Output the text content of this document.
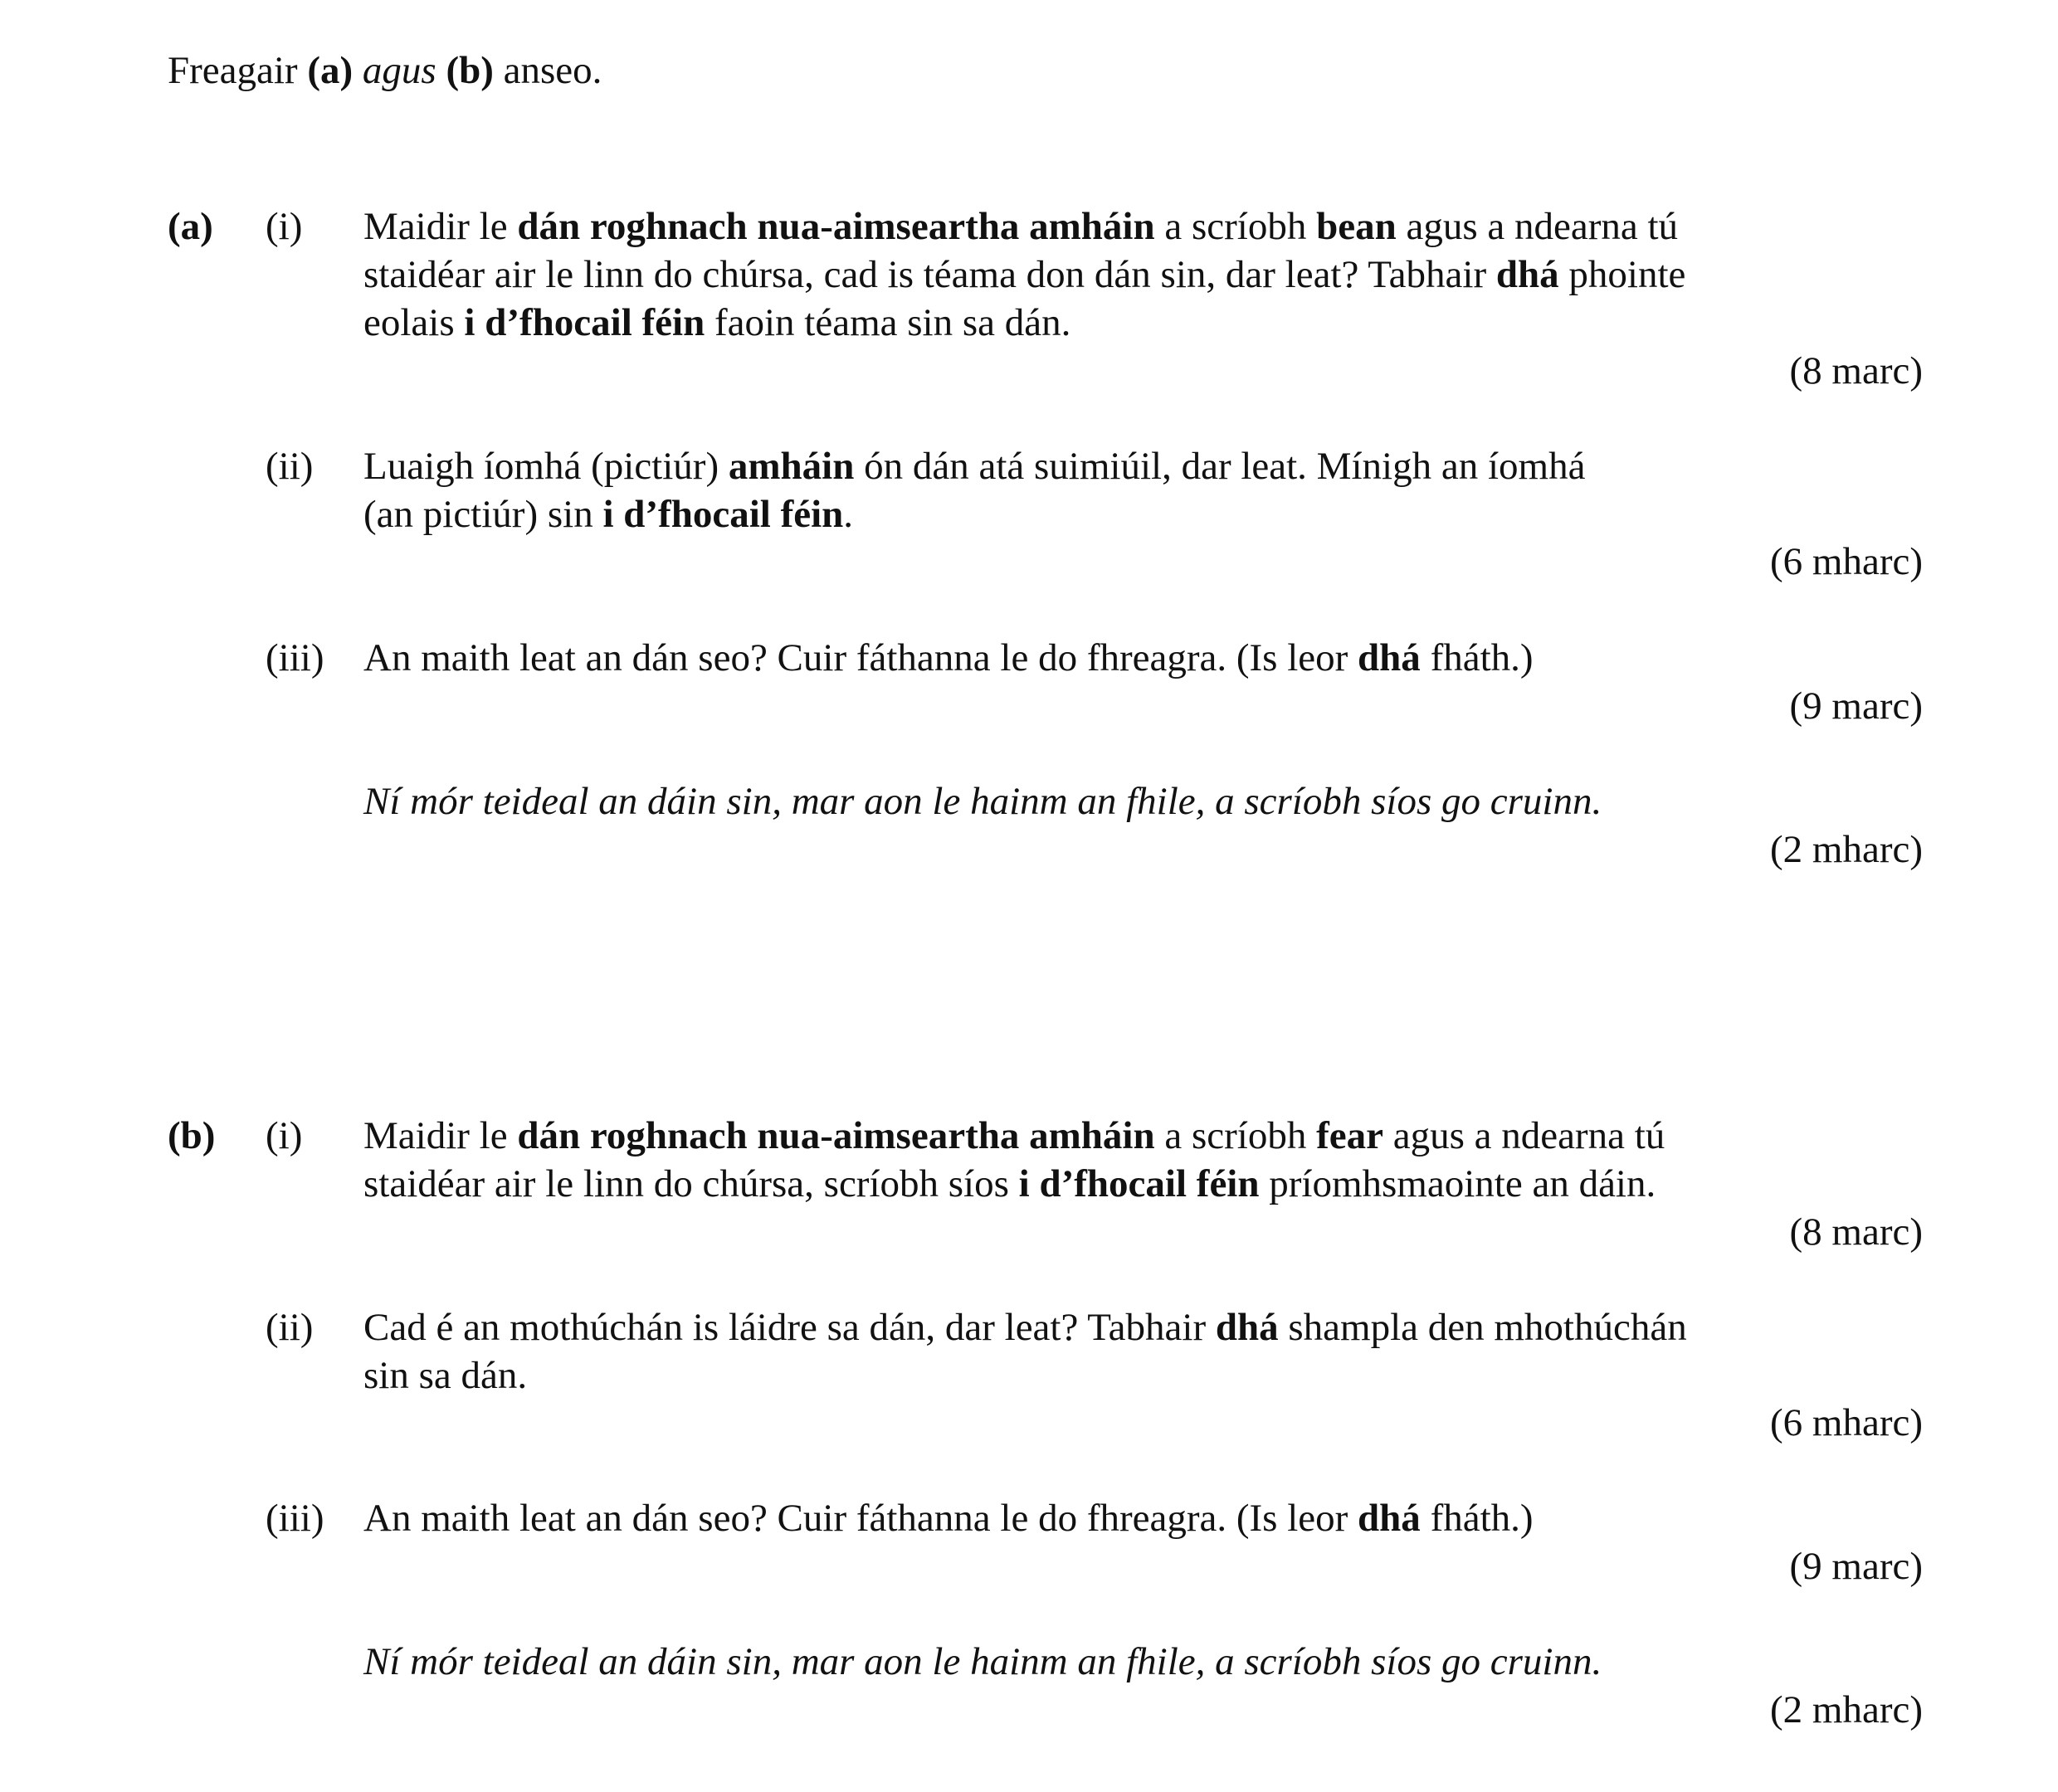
Freagair (a) agus (b) anseo.
(a) (i) Maidir le dán roghnach nua-aimseartha amháin a scríobh bean agus a ndearna tú
staidéar air le linn do chúrsa, cad is téama don dán sin, dar leat? Tabhair dhá phointe
eolais i d’fhocail féin faoin téama sin sa dán.
(8 marc)
(ii) Luaigh íomhá (pictiúr) amháin ón dán atá suimiúil, dar leat. Mínigh an íomhá
(an pictiúr) sin i d’fhocail féin.
(6 mharc)
(iii) An maith leat an dán seo? Cuir fáthanna le do fhreagra. (Is leor dhá fháth.)
(9 marc)
Ní mór teideal an dáin sin, mar aon le hainm an fhile, a scríobh síos go cruinn.
(2 mharc)
(b) (i) Maidir le dán roghnach nua-aimseartha amháin a scríobh fear agus a ndearna tú
staidéar air le linn do chúrsa, scríobh síos i d’fhocail féin príomhsmaointe an dáin.
(8 marc)
(ii) Cad é an mothúchán is láidre sa dán, dar leat? Tabhair dhá shampla den mhothúchán
sin sa dán.
(6 mharc)
(iii) An maith leat an dán seo? Cuir fáthanna le do fhreagra. (Is leor dhá fháth.)
(9 marc)
Ní mór teideal an dáin sin, mar aon le hainm an fhile, a scríobh síos go cruinn.
(2 mharc)
